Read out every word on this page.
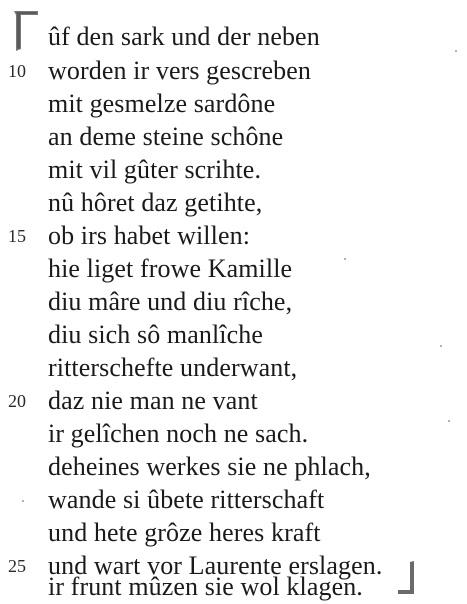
ûf den sark und der neben
10 worden ir vers gescreben
mit gesmelze sardône
an deme steine schône
mit vil gûter scrihte.
nû hôret daz getihte,
15 ob irs habet willen:
hie liget frowe Kamille
diu mâre und diu rîche,
diu sich sô manlîche
ritterschefte underwant,
20 daz nie man ne vant
ir gelîchen noch ne sach.
deheines werkes sie ne phlach,
wande si ûbete ritterschaft
und hete grôze heres kraft
25 und wart vor Laurente erslagen.
ir frunt mûzen sie wol klagen.
